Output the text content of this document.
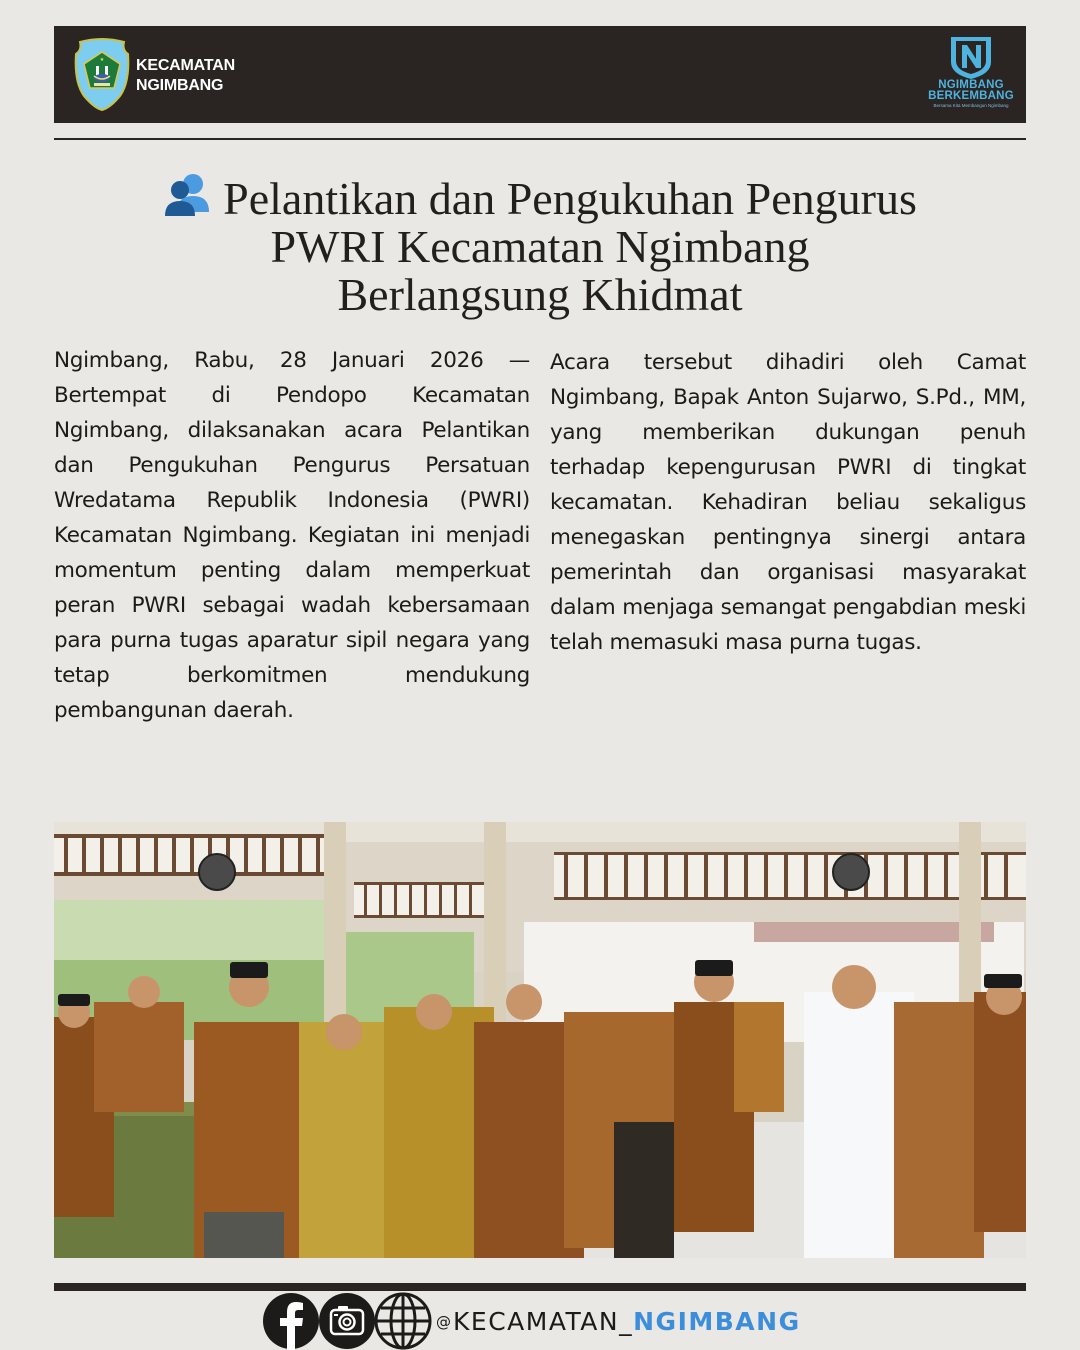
★ KECAMATAN
NGIMBANG	NGIMBANG
BERKEMBANG
Bersama Kita Membangun Ngimbang
Pelantikan dan Pengukuhan Pengurus
PWRI Kecamatan Ngimbang
Berlangsung Khidmat

Ngimbang, Rabu, 28 Januari 2026 — Bertempat di Pendopo Kecamatan Ngimbang, dilaksanakan acara Pelantikan dan Pengukuhan Pengurus Persatuan Wredatama Republik Indonesia (PWRI) Kecamatan Ngimbang. Kegiatan ini menjadi momentum penting dalam memperkuat peran PWRI sebagai wadah kebersamaan para purna tugas aparatur sipil negara yang tetap berkomitmen mendukung pembangunan daerah.

Acara tersebut dihadiri oleh Camat Ngimbang, Bapak Anton Sujarwo, S.Pd., MM, yang memberikan dukungan penuh terhadap kepengurusan PWRI di tingkat kecamatan. Kehadiran beliau sekaligus menegaskan pentingnya sinergi antara pemerintah dan organisasi masyarakat dalam menjaga semangat pengabdian meski telah memasuki masa purna tugas.

@KECAMATAN_NGIMBANG
